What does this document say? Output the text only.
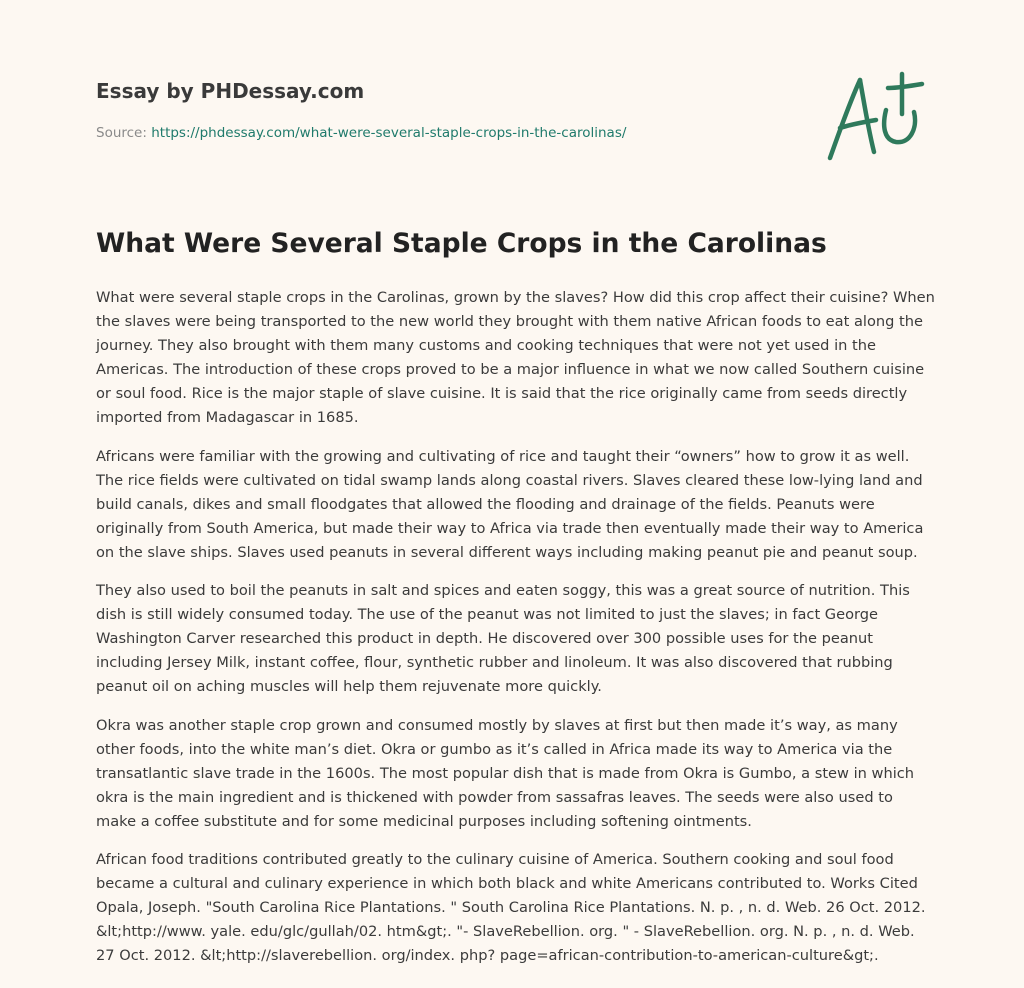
Essay by PHDessay.com
Source: https://phdessay.com/what-were-several-staple-crops-in-the-carolinas/
What Were Several Staple Crops in the Carolinas

What were several staple crops in the Carolinas, grown by the slaves? How did this crop affect their cuisine? When the slaves were being transported to the new world they brought with them native African foods to eat along the journey. They also brought with them many customs and cooking techniques that were not yet used in the Americas. The introduction of these crops proved to be a major influence in what we now called Southern cuisine or soul food. Rice is the major staple of slave cuisine. It is said that the rice originally came from seeds directly imported from Madagascar in 1685.

Africans were familiar with the growing and cultivating of rice and taught their “owners” how to grow it as well. The rice fields were cultivated on tidal swamp lands along coastal rivers. Slaves cleared these low-lying land and build canals, dikes and small floodgates that allowed the flooding and drainage of the fields. Peanuts were originally from South America, but made their way to Africa via trade then eventually made their way to America on the slave ships. Slaves used peanuts in several different ways including making peanut pie and peanut soup.

They also used to boil the peanuts in salt and spices and eaten soggy, this was a great source of nutrition. This dish is still widely consumed today. The use of the peanut was not limited to just the slaves; in fact George Washington Carver researched this product in depth. He discovered over 300 possible uses for the peanut including Jersey Milk, instant coffee, flour, synthetic rubber and linoleum. It was also discovered that rubbing peanut oil on aching muscles will help them rejuvenate more quickly.

Okra was another staple crop grown and consumed mostly by slaves at first but then made it’s way, as many other foods, into the white man’s diet. Okra or gumbo as it’s called in Africa made its way to America via the transatlantic slave trade in the 1600s. The most popular dish that is made from Okra is Gumbo, a stew in which okra is the main ingredient and is thickened with powder from sassafras leaves. The seeds were also used to make a coffee substitute and for some medicinal purposes including softening ointments.

African food traditions contributed greatly to the culinary cuisine of America. Southern cooking and soul food became a cultural and culinary experience in which both black and white Americans contributed to. Works Cited Opala, Joseph. "South Carolina Rice Plantations. " South Carolina Rice Plantations. N. p. , n. d. Web. 26 Oct. 2012. &lt;http://www. yale. edu/glc/gullah/02. htm&gt;. "- SlaveRebellion. org. " - SlaveRebellion. org. N. p. , n. d. Web. 27 Oct. 2012. &lt;http://slaverebellion. org/index. php? page=african-contribution-to-american-culture&gt;.
